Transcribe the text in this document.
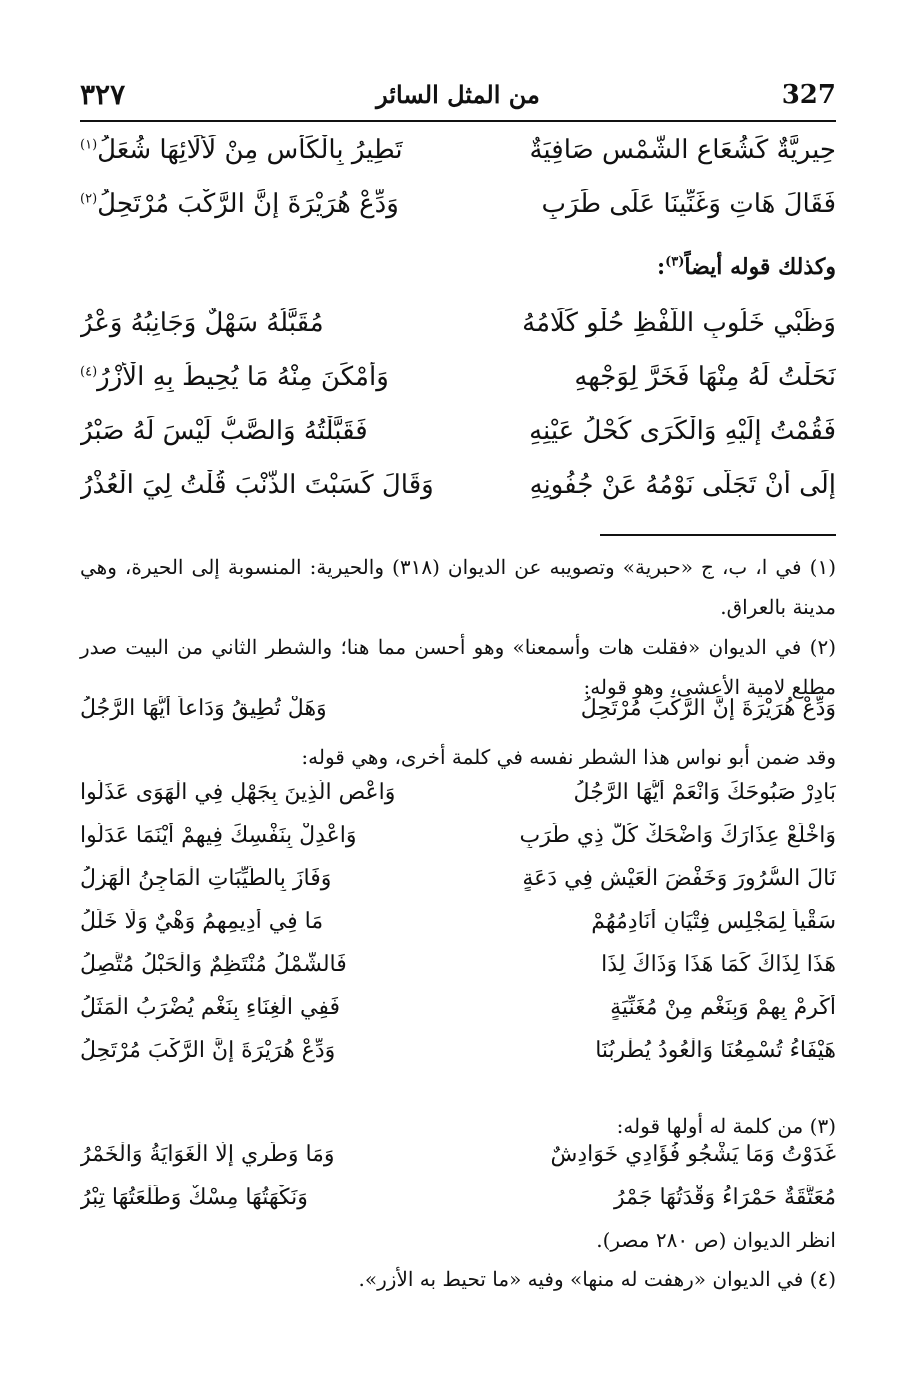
٣٢٧	من المثل السائر	327
حِيرِيَّةٌ كَشُعَاعِ الشَّمْسِ صَافِيَةٌ
تَطِيرُ بِالْكَأْسِ مِنْ لَأْلَائِهَا شُعَلُ$^{(١)}$
فَقَالَ هَاتِ وَغَنِّينَا عَلَى طَرَبٍ
وَدِّعْ هُرَيْرَةَ إِنَّ الرَّكْبَ مُرْتَحِلُ$^{(٢)}$
وكذلك قوله أيضاً$^{(٣)}$:
وَظَبْيٍ خَلُوبِ اللَّفْظِ حُلْوٍ كَلَامُهُ
مُقَبَّلُهُ سَهْلٌ وَجَانِبُهُ وَعْرُ
نَحَلْتُ لَهُ مِنْهَا فَخَرَّ لِوَجْهِهِ
وَأَمْكَنَ مِنْهُ مَا يُحِيطُ بِهِ الْأُزْرُ$^{(٤)}$
فَقُمْتُ إِلَيْهِ وَالْكَرَى كُحْلُ عَيْنِهِ
فَقَبَّلْتُهُ وَالصَّبُّ لَيْسَ لَهُ صَبْرُ
إِلَى أَنْ تَجَلَّى نَوْمُهُ عَنْ جُفُونِهِ
وَقَالَ كَسَبْتَ الذَّنْبَ قُلْتُ لِيَ الْعُذْرُ
(١) في ا، ب، ج «حبرية» وتصويبه عن الديوان (٣١٨) والحيرية: المنسوبة إلى الحيرة، وهي مدينة بالعراق.
(٢) في الديوان «فقلت هات وأسمعنا» وهو أحسن مما هنا؛ والشطر الثاني من البيت صدر مطلع لامية الأعشى، وهو قوله:
وَدِّعْ هُرَيْرَةَ إِنَّ الرَّكْبَ مُرْتَحِلُ
وَهَلْ تُطِيقُ وَدَاعاً أَيُّهَا الرَّجُلُ
وقد ضمن أبو نواس هذا الشطر نفسه في كلمة أخرى، وهي قوله:
بَادِرْ صَبُوحَكَ وَانْعَمْ أَيُّهَا الرَّجُلُ
وَاعْصِ الَّذِينَ بِجَهْلٍ فِي الْهَوَى عَذَلُوا
وَاخْلَعْ عِذَارَكَ وَاضْحَكْ كُلُّ ذِي طَرَبٍ
وَاعْدِلْ بِنَفْسِكَ فِيهِمْ أَيْنَمَا عَدَلُوا
نَالَ السُّرُورَ وَخَفْضَ الْعَيْشِ فِي دَعَةٍ
وَفَازَ بِالطَّيِّبَاتِ الْمَاجِنُ الْهَزِلُ
سَقْياً لِمَجْلِسِ فِتْيَانٍ أُنَادِمُهُمْ
مَا فِي أَدِيمِهِمُ وَهْيٌ وَلَا خَلَلُ
هَذَا لِذَاكَ كَمَا هَذَا وَذَاكَ لِذَا
فَالشَّمْلُ مُنْتَظِمٌ وَالْحَبْلُ مُتَّصِلُ
أَكْرِمْ بِهِمْ وَبِنَغْمٍ مِنْ مُغَنِّيَةٍ
فَفِي الْغِنَاءِ بِنَغْمٍ يُضْرَبُ الْمَثَلُ
هَيْفَاءُ تُسْمِعُنَا وَالْعُودُ يُطْرِبُنَا
وَدِّعْ هُرَيْرَةَ إِنَّ الرَّكْبَ مُرْتَحِلُ
(٣) من كلمة له أولها قوله:
غَدَوْتُ وَمَا يَشْجُو فُؤَادِي خَوَادِشٌ
وَمَا وَطَرِي إِلَّا الْغَوَايَةُ وَالْخَمْرُ
مُعَتَّقَةٌ حَمْرَاءُ وَقْدَتُهَا جَمْرُ
وَنَكْهَتُهَا مِسْكٌ وَطَلْعَتُهَا تِبْرُ
انظر الديوان (ص ٢٨٠ مصر).
(٤) في الديوان «رهفت له منها» وفيه «ما تحيط به الأزر».
